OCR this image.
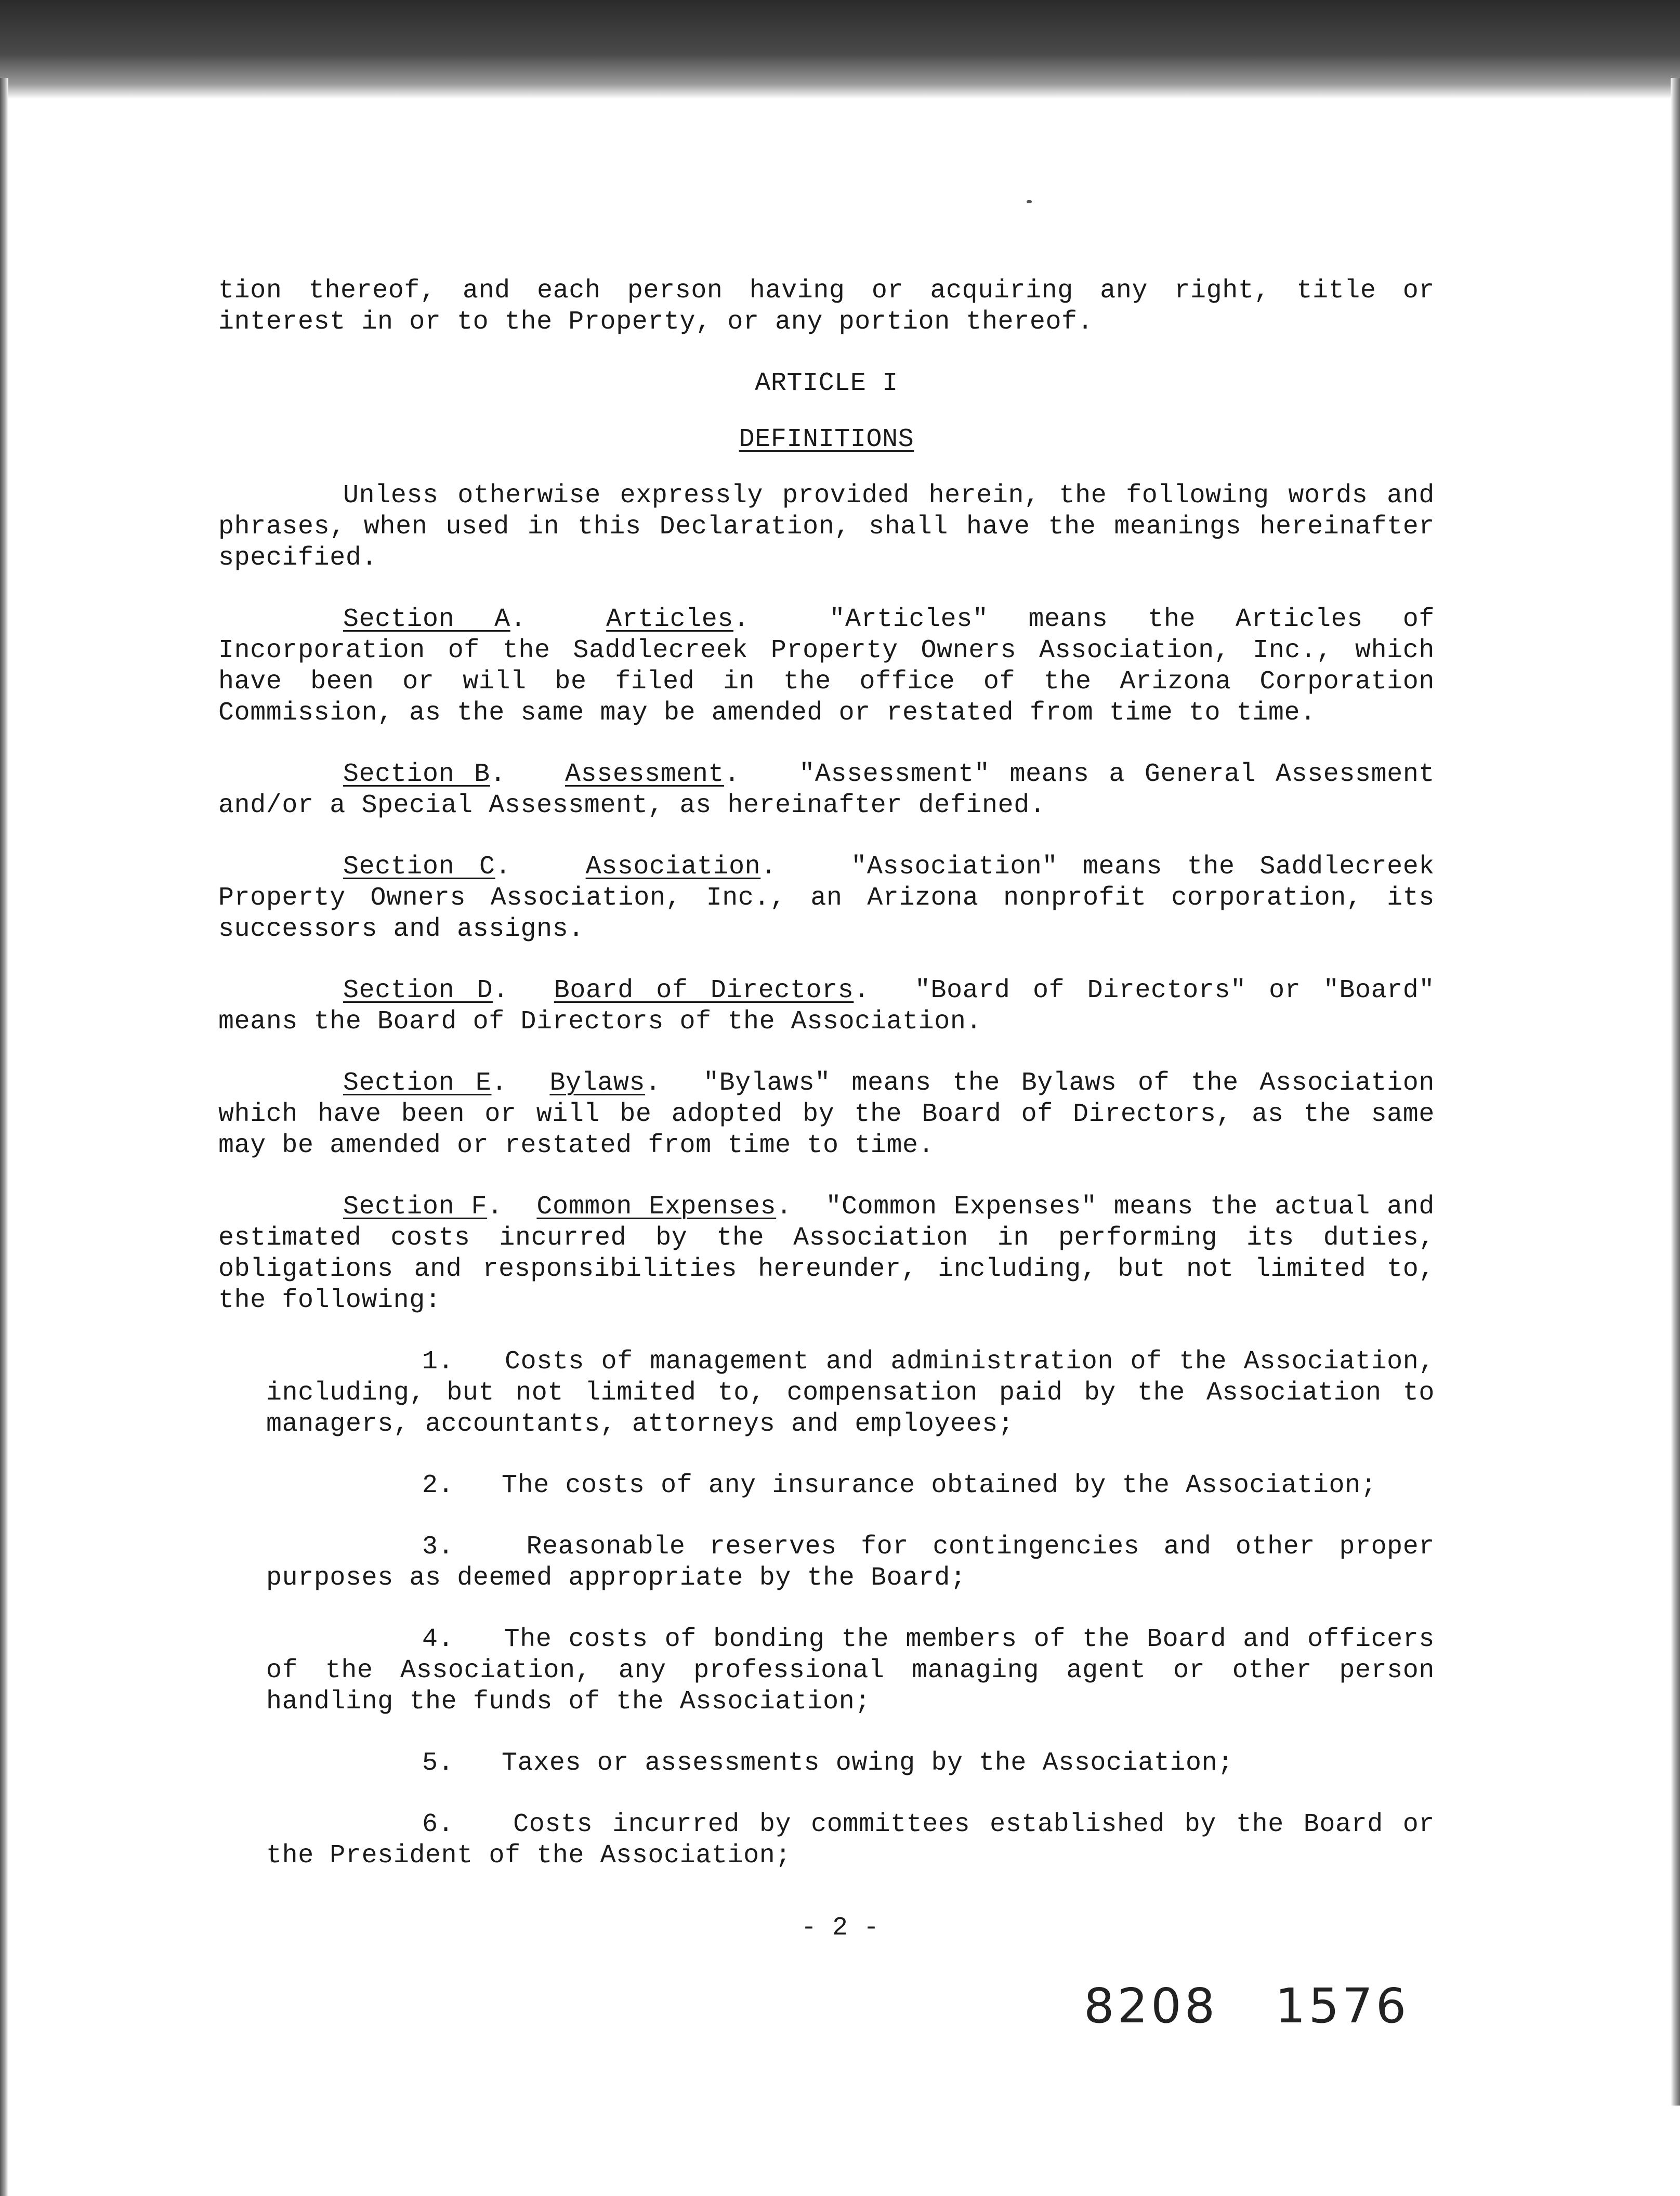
tion thereof, and each person having or acquiring any right, title or interest in or to the Property, or any portion thereof.

ARTICLE I

DEFINITIONS

Unless otherwise expressly provided herein, the following words and phrases, when used in this Declaration, shall have the meanings hereinafter specified.

Section A.  Articles.  "Articles" means the Articles of Incorporation of the Saddlecreek Property Owners Association, Inc., which have been or will be filed in the office of the Arizona Corporation Commission, as the same may be amended or restated from time to time.

Section B.   Assessment.   "Assessment" means a General Assessment and/or a Special Assessment, as hereinafter defined.

Section C.   Association.   "Association" means the Saddlecreek Property Owners Association, Inc., an Arizona nonprofit corporation, its successors and assigns.

Section D.  Board of Directors.  "Board of Directors" or "Board" means the Board of Directors of the Association.

Section E.  Bylaws.  "Bylaws" means the Bylaws of the Association which have been or will be adopted by the Board of Directors, as the same may be amended or restated from time to time.

Section F.  Common Expenses.  "Common Expenses" means the actual and estimated costs incurred by the Association in performing its duties, obligations and responsibilities hereunder, including, but not limited to, the following:

1. Costs of management and administration of the Association, including, but not limited to, compensation paid by the Association to managers, accountants, attorneys and employees;

2. The costs of any insurance obtained by the Association;

3.	Reasonable reserves for contingencies and other proper purposes as deemed appropriate by the Board;

4. The costs of bonding the members of the Board and officers of the Association, any professional managing agent or other person handling the funds of the Association;

5. Taxes or assessments owing by the Association;

6. Costs incurred by committees established by the Board or the President of the Association;

- 2 -
8208 1576
